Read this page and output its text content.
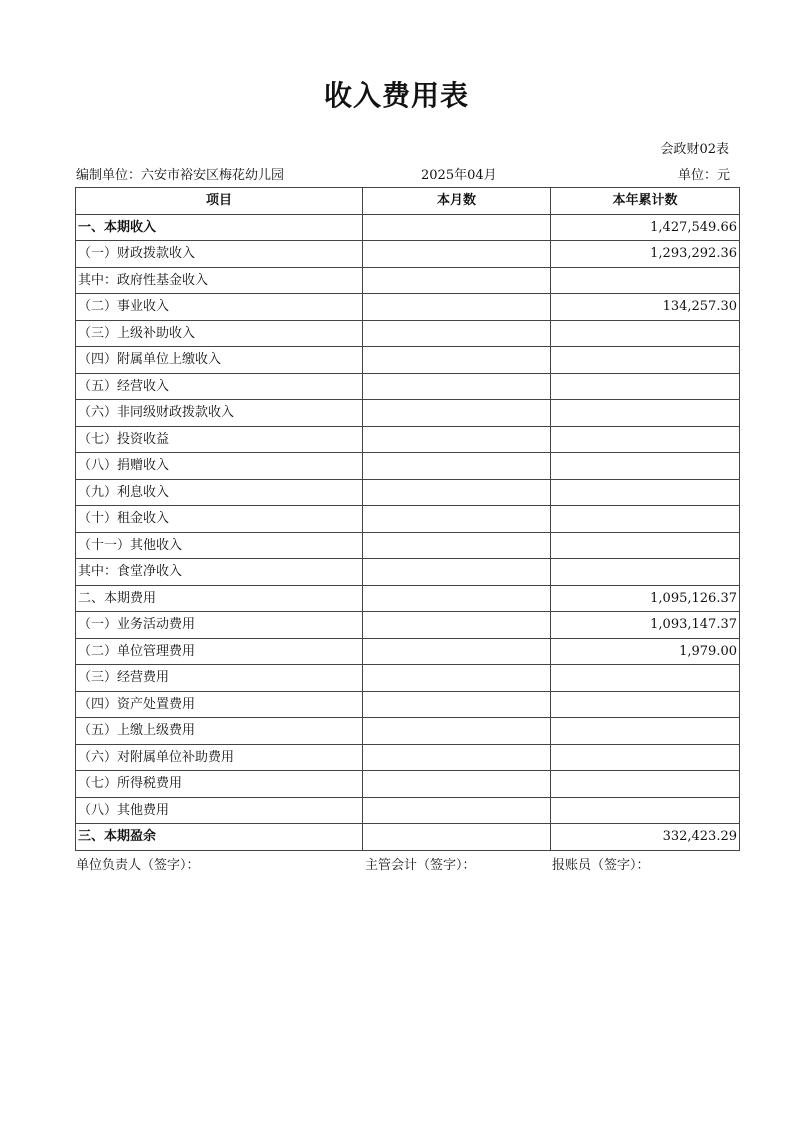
收入费用表
会政财02表
编制单位：六安市裕安区梅花幼儿园	2025年04月	单位：元
项目	本月数	本年累计数
一、本期收入		1,427,549.66
（一）财政拨款收入		1,293,292.36
其中：政府性基金收入		
（二）事业收入		134,257.30
（三）上级补助收入		
（四）附属单位上缴收入		
（五）经营收入		
（六）非同级财政拨款收入		
（七）投资收益		
（八）捐赠收入		
（九）利息收入		
（十）租金收入		
（十一）其他收入		
其中：食堂净收入		
二、本期费用		1,095,126.37
（一）业务活动费用		1,093,147.37
（二）单位管理费用		1,979.00
（三）经营费用		
（四）资产处置费用		
（五）上缴上级费用		
（六）对附属单位补助费用		
（七）所得税费用		
（八）其他费用		
三、本期盈余		332,423.29
单位负责人（签字）：	主管会计（签字）：	报账员（签字）：
